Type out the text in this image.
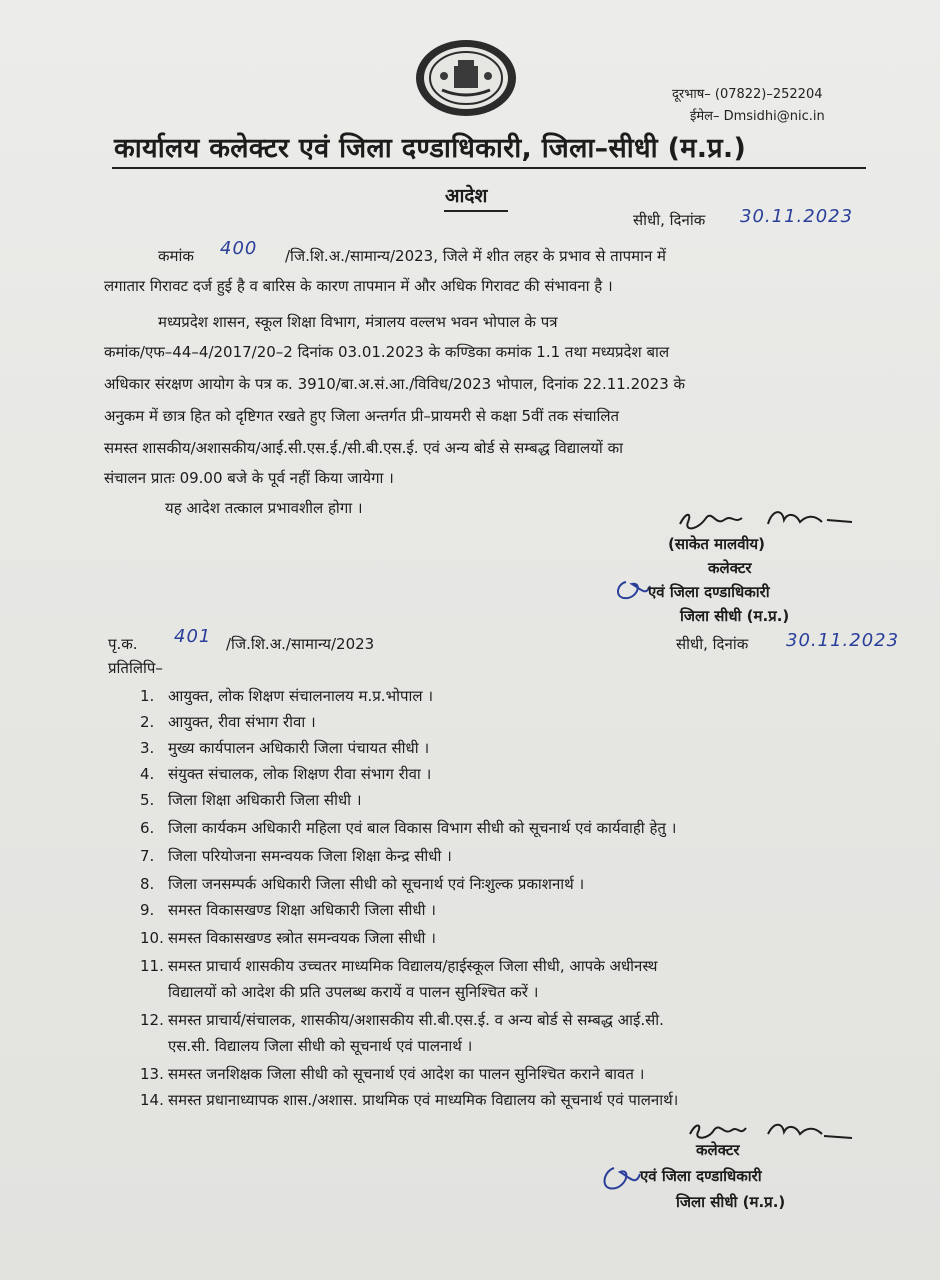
दूरभाष– (07822)–252204
ईमेल– Dmsidhi@nic.in
कार्यालय कलेक्टर एवं जिला दण्डाधिकारी, जिला–सीधी (म.प्र.)
आदेश
सीधी, दिनांक 30.11.2023
कमांक 400 /जि.शि.अ./सामान्य/2023, जिले में शीत लहर के प्रभाव से तापमान में
लगातार गिरावट दर्ज हुई है व बारिस के कारण तापमान में और अधिक गिरावट की संभावना है ।
मध्यप्रदेश शासन, स्कूल शिक्षा विभाग, मंत्रालय वल्लभ भवन भोपाल के पत्र
कमांक/एफ–44–4/2017/20–2 दिनांक 03.01.2023 के कण्डिका कमांक 1.1 तथा मध्यप्रदेश बाल
अधिकार संरक्षण आयोग के पत्र क. 3910/बा.अ.सं.आ./विविध/2023 भोपाल, दिनांक 22.11.2023 के
अनुकम में छात्र हित को दृष्टिगत रखते हुए जिला अन्तर्गत प्री–प्रायमरी से कक्षा 5वीं तक संचालित
समस्त शासकीय/अशासकीय/आई.सी.एस.ई./सी.बी.एस.ई. एवं अन्य बोर्ड से सम्बद्ध विद्यालयों का
संचालन प्रातः 09.00 बजे के पूर्व नहीं किया जायेगा ।
यह आदेश तत्काल प्रभावशील होगा ।
(साकेत मालवीय)
कलेक्टर
एवं जिला दण्डाधिकारी
जिला सीधी (म.प्र.)
सीधी, दिनांक 30.11.2023
पृ.क. 401 /जि.शि.अ./सामान्य/2023
प्रतिलिपि–
1. आयुक्त, लोक शिक्षण संचालनालय म.प्र.भोपाल ।
2. आयुक्त, रीवा संभाग रीवा ।
3. मुख्य कार्यपालन अधिकारी जिला पंचायत सीधी ।
4. संयुक्त संचालक, लोक शिक्षण रीवा संभाग रीवा ।
5. जिला शिक्षा अधिकारी जिला सीधी ।
6. जिला कार्यकम अधिकारी महिला एवं बाल विकास विभाग सीधी को सूचनार्थ एवं कार्यवाही हेतु ।
7. जिला परियोजना समन्वयक जिला शिक्षा केन्द्र सीधी ।
8. जिला जनसम्पर्क अधिकारी जिला सीधी को सूचनार्थ एवं निःशुल्क प्रकाशनार्थ ।
9. समस्त विकासखण्ड शिक्षा अधिकारी जिला सीधी ।
10. समस्त विकासखण्ड स्त्रोत समन्वयक जिला सीधी ।
11. समस्त प्राचार्य शासकीय उच्चतर माध्यमिक विद्यालय/हाईस्कूल जिला सीधी, आपके अधीनस्थ
विद्यालयों को आदेश की प्रति उपलब्ध करायें व पालन सुनिश्चित करें ।
12. समस्त प्राचार्य/संचालक, शासकीय/अशासकीय सी.बी.एस.ई. व अन्य बोर्ड से सम्बद्ध आई.सी.
एस.सी. विद्यालय जिला सीधी को सूचनार्थ एवं पालनार्थ ।
13. समस्त जनशिक्षक जिला सीधी को सूचनार्थ एवं आदेश का पालन सुनिश्चित कराने बावत ।
14. समस्त प्रधानाध्यापक शास./अशास. प्राथमिक एवं माध्यमिक विद्यालय को सूचनार्थ एवं पालनार्थ।
कलेक्टर
एवं जिला दण्डाधिकारी
जिला सीधी (म.प्र.)
